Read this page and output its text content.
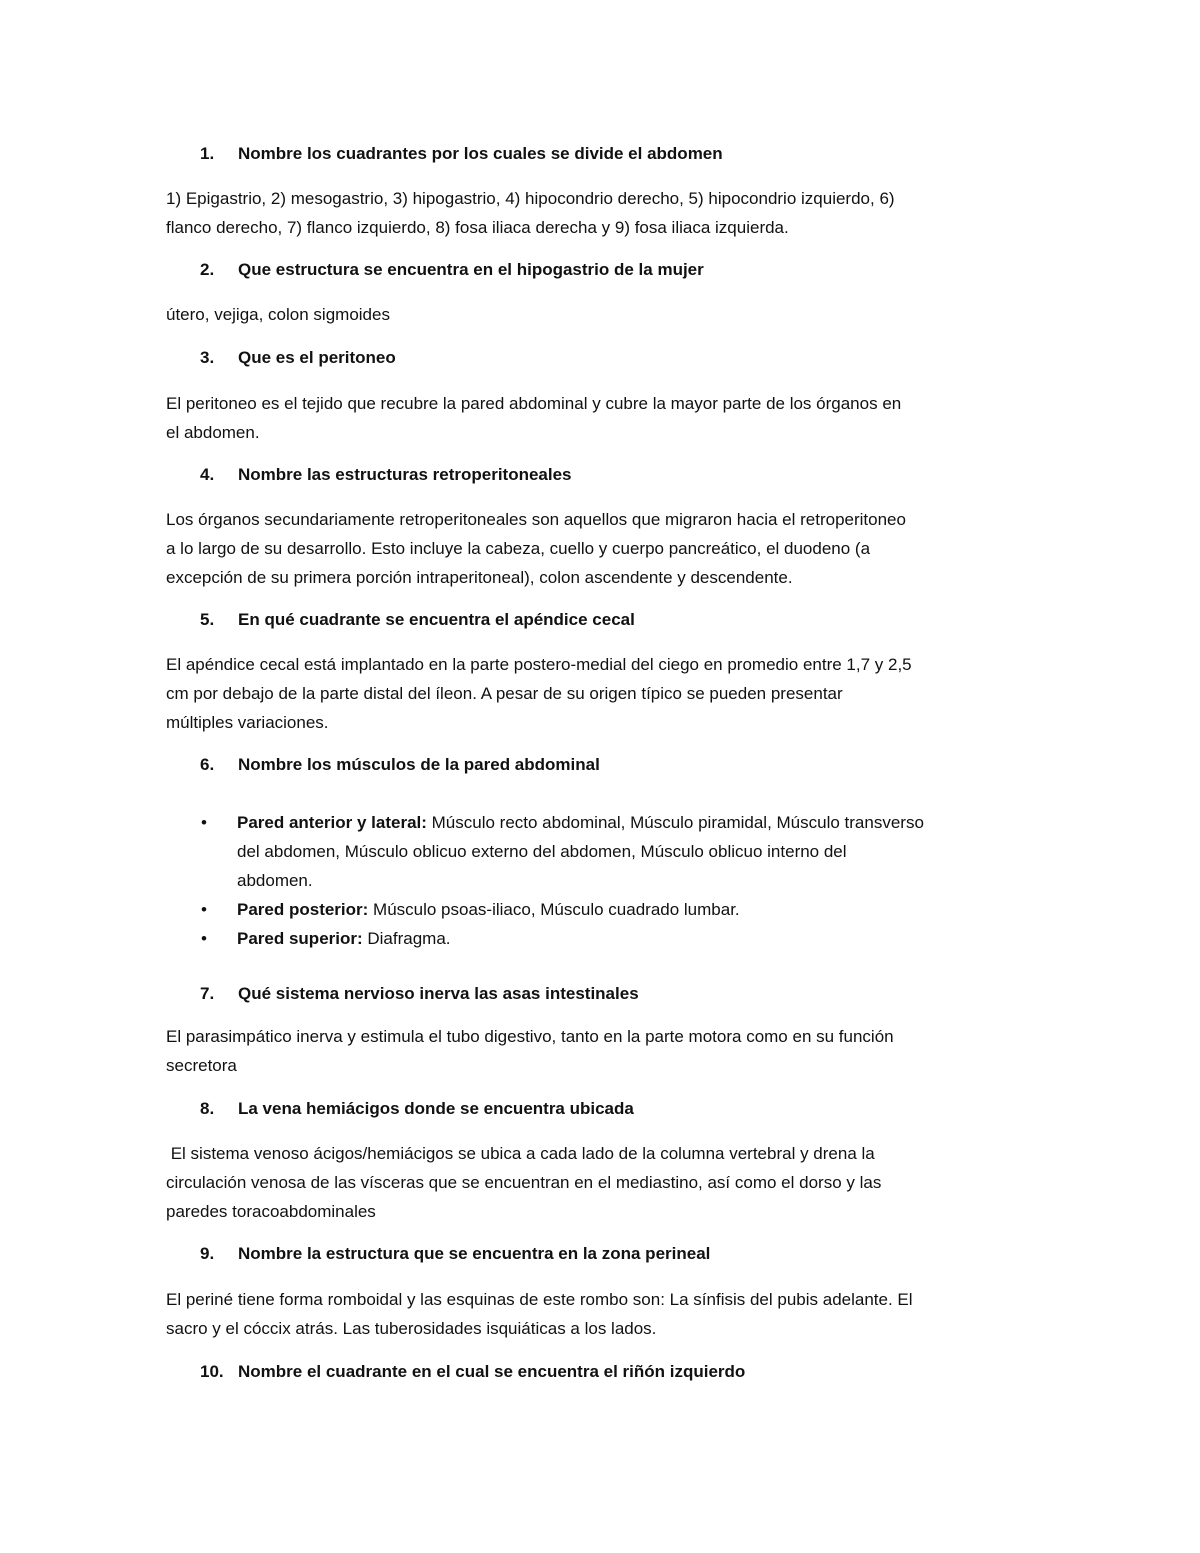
1. Nombre los cuadrantes por los cuales se divide el abdomen
1) Epigastrio, 2) mesogastrio, 3) hipogastrio, 4) hipocondrio derecho, 5) hipocondrio izquierdo, 6)
flanco derecho, 7) flanco izquierdo, 8) fosa iliaca derecha y 9) fosa iliaca izquierda.
2. Que estructura se encuentra en el hipogastrio de la mujer
útero, vejiga, colon sigmoides
3. Que es el peritoneo
El peritoneo es el tejido que recubre la pared abdominal y cubre la mayor parte de los órganos en
el abdomen.
4. Nombre las estructuras retroperitoneales
Los órganos secundariamente retroperitoneales son aquellos que migraron hacia el retroperitoneo
a lo largo de su desarrollo. Esto incluye la cabeza, cuello y cuerpo pancreático, el duodeno (a
excepción de su primera porción intraperitoneal), colon ascendente y descendente.
5. En qué cuadrante se encuentra el apéndice cecal
El apéndice cecal está implantado en la parte postero-medial del ciego en promedio entre 1,7 y 2,5
cm por debajo de la parte distal del íleon. A pesar de su origen típico se pueden presentar
múltiples variaciones.
6. Nombre los músculos de la pared abdominal
• Pared anterior y lateral: Músculo recto abdominal, Músculo piramidal, Músculo transverso
del abdomen, Músculo oblicuo externo del abdomen, Músculo oblicuo interno del
abdomen.
• Pared posterior: Músculo psoas-iliaco, Músculo cuadrado lumbar.
• Pared superior: Diafragma.
7. Qué sistema nervioso inerva las asas intestinales
El parasimpático inerva y estimula el tubo digestivo, tanto en la parte motora como en su función
secretora
8. La vena hemiácigos donde se encuentra ubicada
El sistema venoso ácigos/hemiácigos se ubica a cada lado de la columna vertebral y drena la
circulación venosa de las vísceras que se encuentran en el mediastino, así como el dorso y las
paredes toracoabdominales
9. Nombre la estructura que se encuentra en la zona perineal
El periné tiene forma romboidal y las esquinas de este rombo son: La sínfisis del pubis adelante. El
sacro y el cóccix atrás. Las tuberosidades isquiáticas a los lados.
10. Nombre el cuadrante en el cual se encuentra el riñón izquierdo
